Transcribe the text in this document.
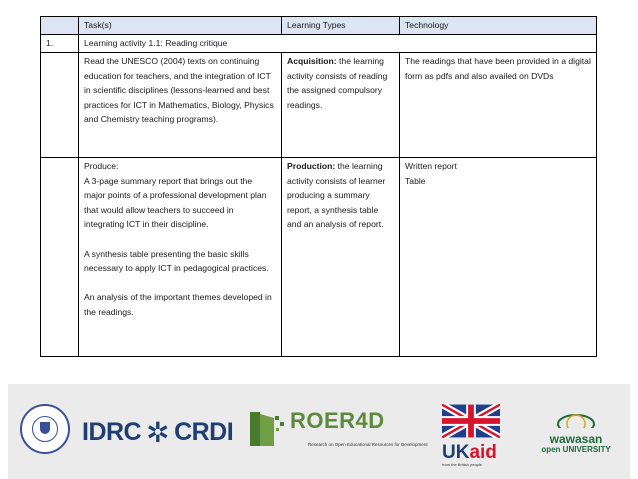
	Task(s)	Learning Types	Technology
1.	Learning activity 1.1: Reading critique		
	Read the UNESCO (2004) texts on continuing education for teachers, and the integration of ICT in scientific disciplines (lessons-learned and best practices for ICT in Mathematics, Biology, Physics and Chemistry teaching programs).	Acquisition: the learning activity consists of reading the assigned compulsory readings.	The readings that have been provided in a digital form as pdfs and also availed on DVDs

	Produce:
A 3-page summary report that brings out the major points of a professional development plan that would allow teachers to succeed in integrating ICT in their discipline.
A synthesis table presenting the basic skills necessary to apply ICT in pedagogical practices.
An analysis of the important themes developed in the readings.	Production: the learning activity consists of learner producing a summary report, a synthesis table and an analysis of report.	Written report
Table
IDRC ✲ CRDI	ROER4D
Research on Open Educational Resources for Development UKaid
from the British people
wawasan
open UNIVERSITY
